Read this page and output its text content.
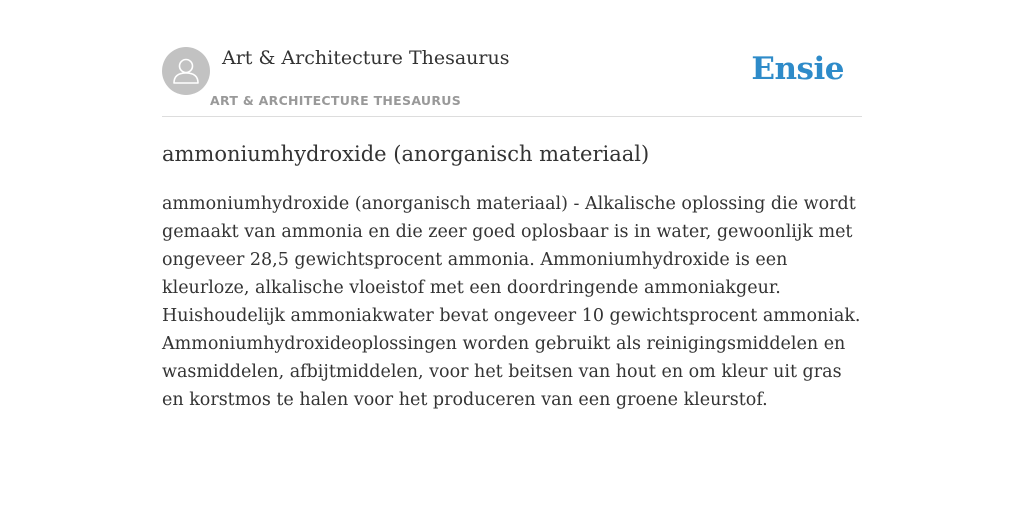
Art & Architecture Thesaurus
ART & ARCHITECTURE THESAURUS
Ensie
ammoniumhydroxide (anorganisch materiaal)

ammoniumhydroxide (anorganisch materiaal) - Alkalische oplossing die wordt gemaakt van ammonia en die zeer goed oplosbaar is in water, gewoonlijk met ongeveer 28,5 gewichtsprocent ammonia. Ammoniumhydroxide is een kleurloze, alkalische vloeistof met een doordringende ammoniakgeur. Huishoudelijk ammoniakwater bevat ongeveer 10 gewichtsprocent ammoniak. Ammoniumhydroxideoplossingen worden gebruikt als reinigingsmiddelen en wasmiddelen, afbijtmiddelen, voor het beitsen van hout en om kleur uit gras en korstmos te halen voor het produceren van een groene kleurstof.
